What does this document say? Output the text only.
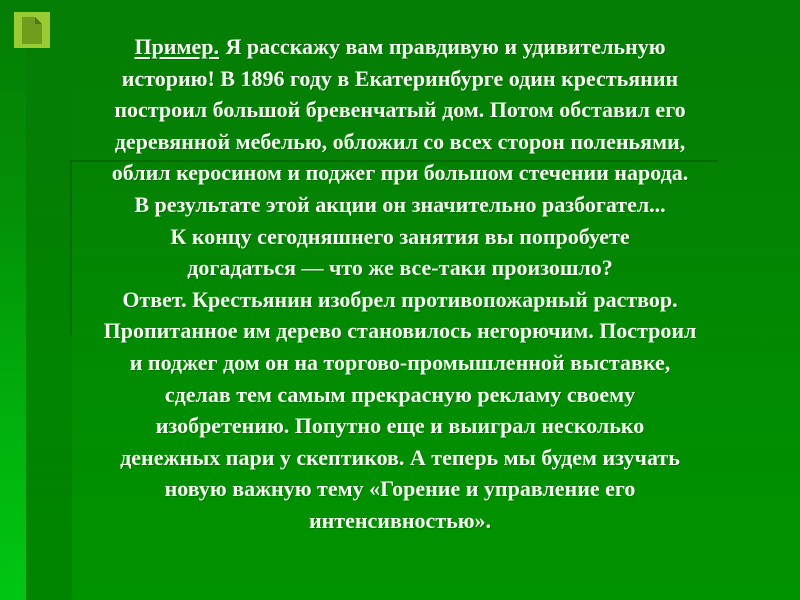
Пример. Я расскажу вам правдивую и удивительную
историю! В 1896 году в Екатеринбурге один крестьянин
построил большой бревенчатый дом. Потом обставил его
деревянной мебелью, обложил со всех сторон поленьями,
облил керосином и поджег при большом стечении народа.
В результате этой акции он значительно разбогател...
К концу сегодняшнего занятия вы попробуете
догадаться — что же все-таки произошло?
Ответ. Крестьянин изобрел противопожарный раствор.
Пропитанное им дерево становилось негорючим. Построил
и поджег дом он на торгово-промышленной выставке,
сделав тем самым прекрасную рекламу своему
изобретению. Попутно еще и выиграл несколько
денежных пари у скептиков. А теперь мы будем изучать
новую важную тему «Горение и управление его
интенсивностью».
